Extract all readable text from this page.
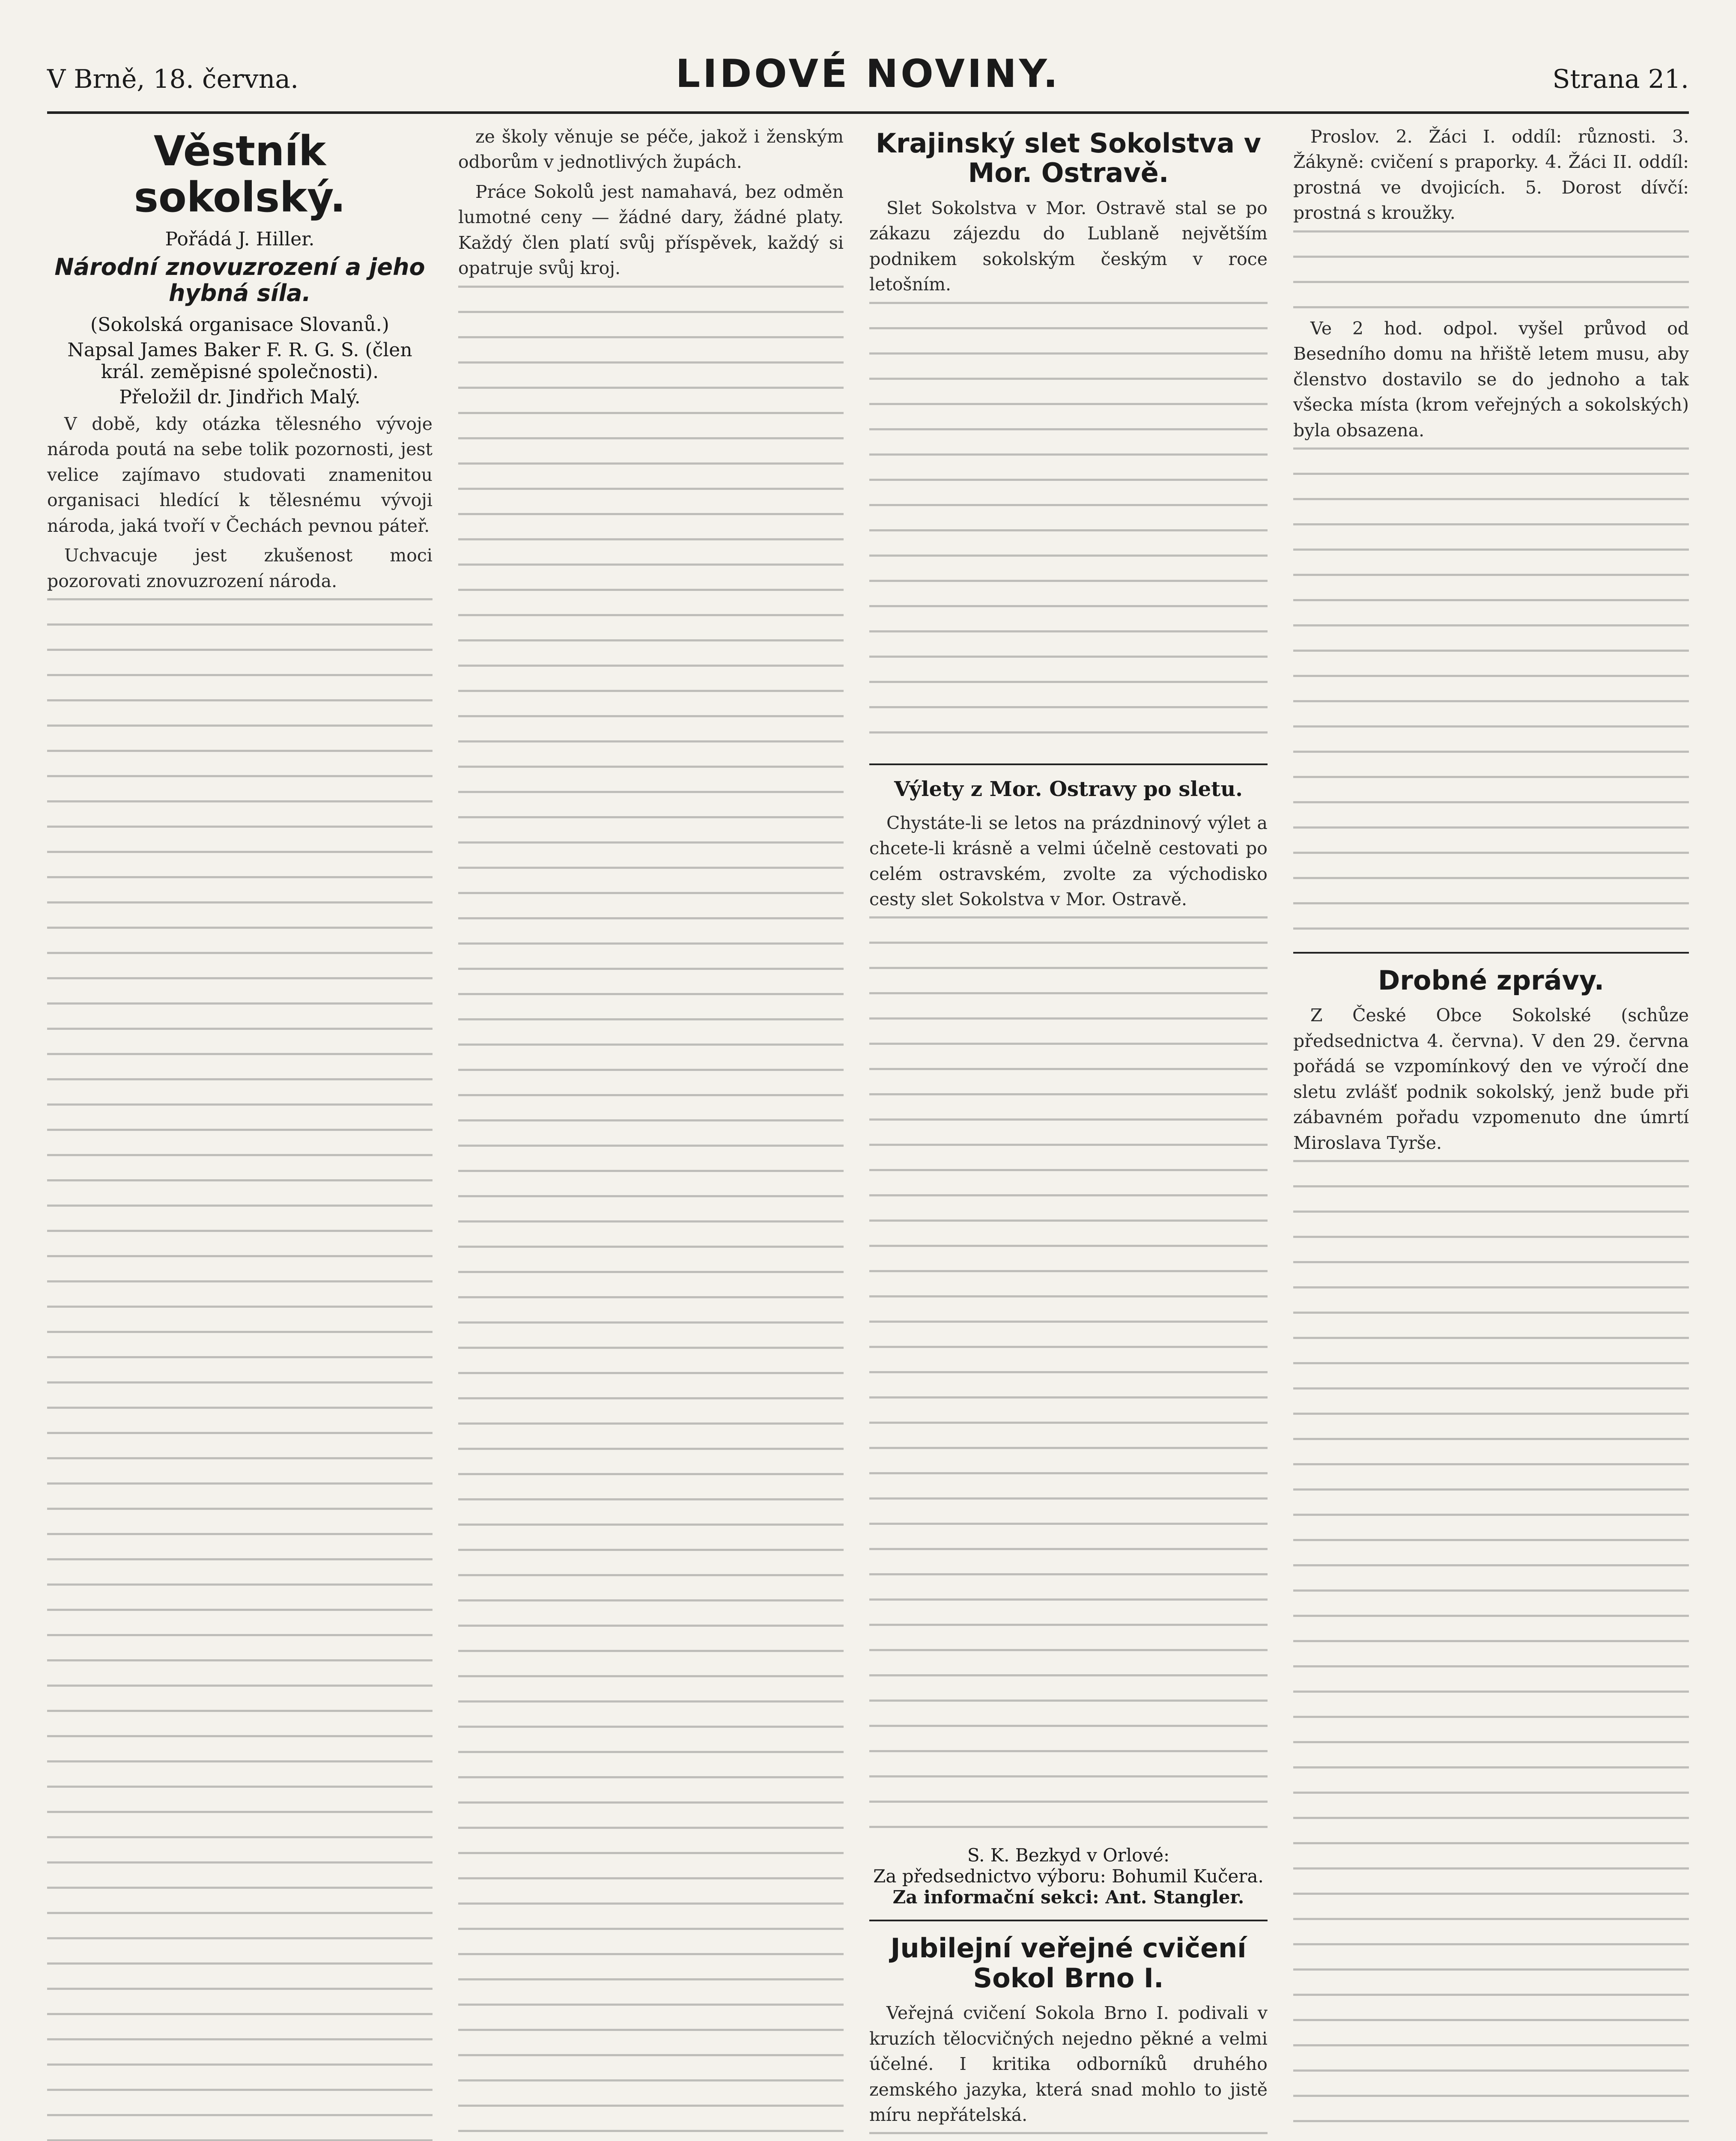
V Brně, 18. června.	LIDOVÉ NOVINY.	Strana 21.
Věstník sokolský.
Pořádá J. Hiller.
Národní znovuzrození a jeho hybná síla.
(Sokolská organisace Slovanů.)
Napsal James Baker F. R. G. S. (člen král. zeměpisné společnosti).
Přeložil dr. Jindřich Malý.

V době, kdy otázka tělesného vývoje národa poutá na sebe tolik pozornosti, jest velice zajímavo studovati znamenitou organisaci hledící k tělesnému vývoji národa, jaká tvoří v Čechách pevnou páteř.

Uchvacuje jest zkušenost moci pozorovati znovuzrození národa.

ze školy věnuje se péče, jakož i ženským odborům v jednotlivých župách.

Práce Sokolů jest namahavá, bez odměn lumotné ceny — žádné dary, žádné platy. Každý člen platí svůj příspěvek, každý si opatruje svůj kroj.

Krajinský slet Sokolstva v Mor. Ostravě.

Slet Sokolstva v Mor. Ostravě stal se po zákazu zájezdu do Lublaně největším podnikem sokolským českým v roce letošním.

Výlety z Mor. Ostravy po sletu.

Chystáte-li se letos na prázdninový výlet a chcete-li krásně a velmi účelně cestovati po celém ostravském, zvolte za východisko cesty slet Sokolstva v Mor. Ostravě.

S. K. Bezkyd v Orlové:
Za předsednictvo výboru: Bohumil Kučera.
Za informační sekci: Ant. Stangler.
Jubilejní veřejné cvičení Sokol Brno I.

Veřejná cvičení Sokola Brno I. podivali v kruzích tělocvičných nejedno pěkné a velmi účelné. I kritika odborníků druhého zemského jazyka, která snad mohlo to jistě míru nepřátelská.

Proslov. 2. Žáci I. oddíl: různosti. 3. Žákyně: cvičení s praporky. 4. Žáci II. oddíl: prostná ve dvojicích. 5. Dorost dívčí: prostná s kroužky.

Ve 2 hod. odpol. vyšel průvod od Besedního domu na hřiště letem musu, aby členstvo dostavilo se do jednoho a tak všecka místa (krom veřejných a sokolských) byla obsazena.

Drobné zprávy.

Z České Obce Sokolské (schůze předsednictva 4. června). V den 29. června pořádá se vzpomínkový den ve výročí dne sletu zvlášť podnik sokolský, jenž bude při zábavném pořadu vzpomenuto dne úmrtí Miroslava Tyrše.
